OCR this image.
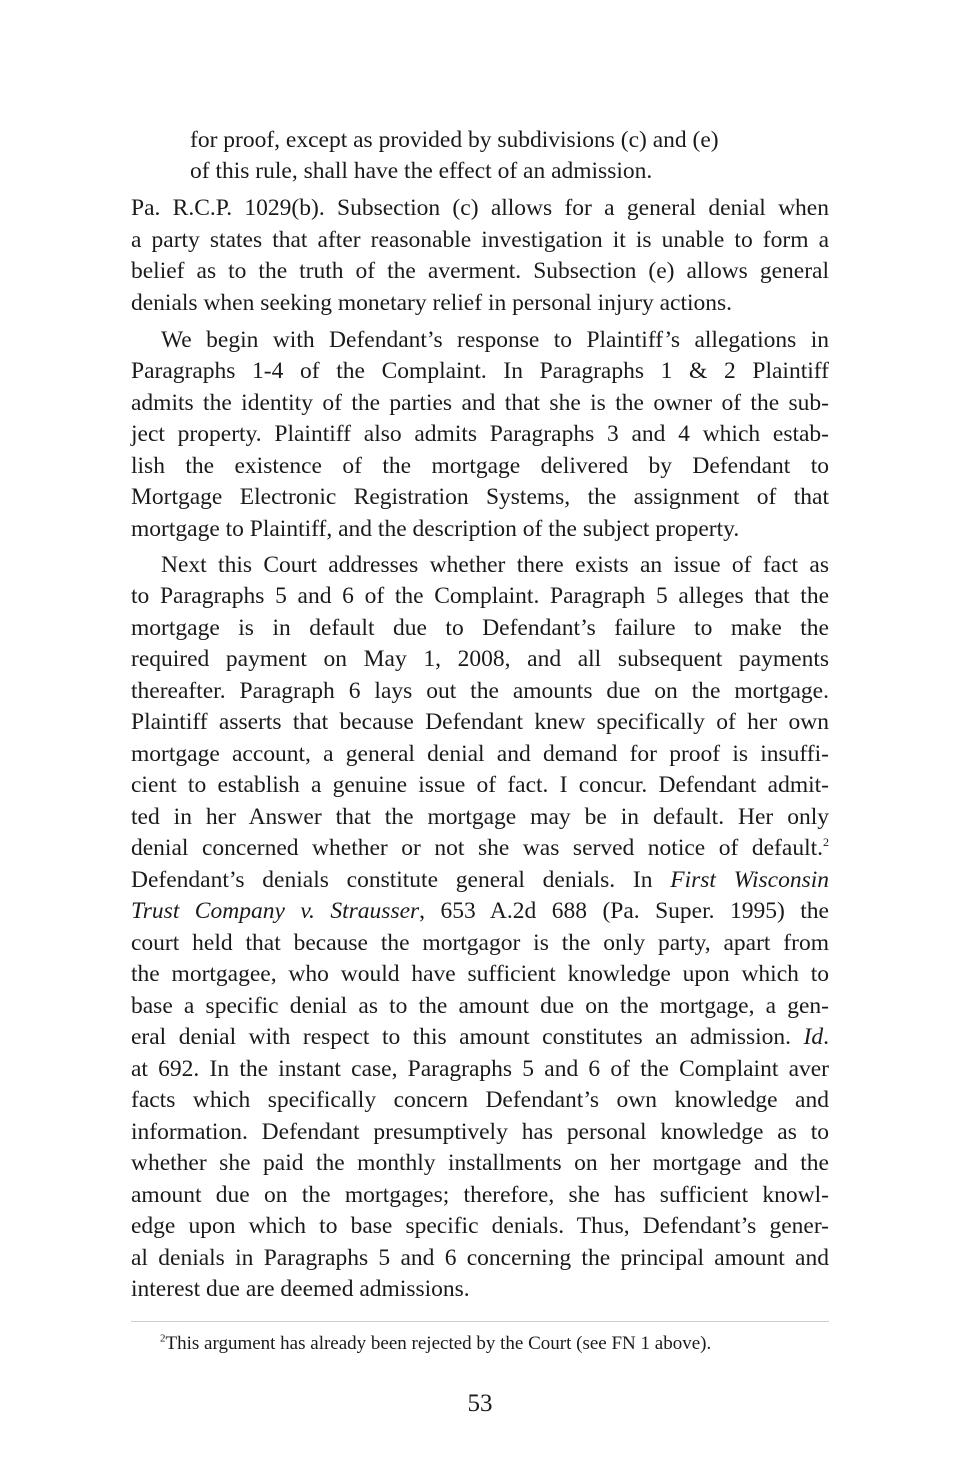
for proof, except as provided by subdivisions (c) and (e)
of this rule, shall have the effect of an admission.
Pa. R.C.P. 1029(b). Subsection (c) allows for a general denial when
a party states that after reasonable investigation it is unable to form a
belief as to the truth of the averment. Subsection (e) allows general
denials when seeking monetary relief in personal injury actions.
We begin with Defendant’s response to Plaintiff’s allegations in
Paragraphs 1-4 of the Complaint. In Paragraphs 1 & 2 Plaintiff
admits the identity of the parties and that she is the owner of the sub-
ject property. Plaintiff also admits Paragraphs 3 and 4 which estab-
lish the existence of the mortgage delivered by Defendant to
Mortgage Electronic Registration Systems, the assignment of that
mortgage to Plaintiff, and the description of the subject property.
Next this Court addresses whether there exists an issue of fact as
to Paragraphs 5 and 6 of the Complaint. Paragraph 5 alleges that the
mortgage is in default due to Defendant’s failure to make the
required payment on May 1, 2008, and all subsequent payments
thereafter. Paragraph 6 lays out the amounts due on the mortgage.
Plaintiff asserts that because Defendant knew specifically of her own
mortgage account, a general denial and demand for proof is insuffi-
cient to establish a genuine issue of fact. I concur. Defendant admit-
ted in her Answer that the mortgage may be in default. Her only
denial concerned whether or not she was served notice of default.$^2$
Defendant’s denials constitute general denials. In First Wisconsin
Trust Company v. Strausser, 653 A.2d 688 (Pa. Super. 1995) the
court held that because the mortgagor is the only party, apart from
the mortgagee, who would have sufficient knowledge upon which to
base a specific denial as to the amount due on the mortgage, a gen-
eral denial with respect to this amount constitutes an admission. Id.
at 692. In the instant case, Paragraphs 5 and 6 of the Complaint aver
facts which specifically concern Defendant’s own knowledge and
information. Defendant presumptively has personal knowledge as to
whether she paid the monthly installments on her mortgage and the
amount due on the mortgages; therefore, she has sufficient knowl-
edge upon which to base specific denials. Thus, Defendant’s gener-
al denials in Paragraphs 5 and 6 concerning the principal amount and
interest due are deemed admissions.
$^2$This argument has already been rejected by the Court (see FN 1 above).
53
